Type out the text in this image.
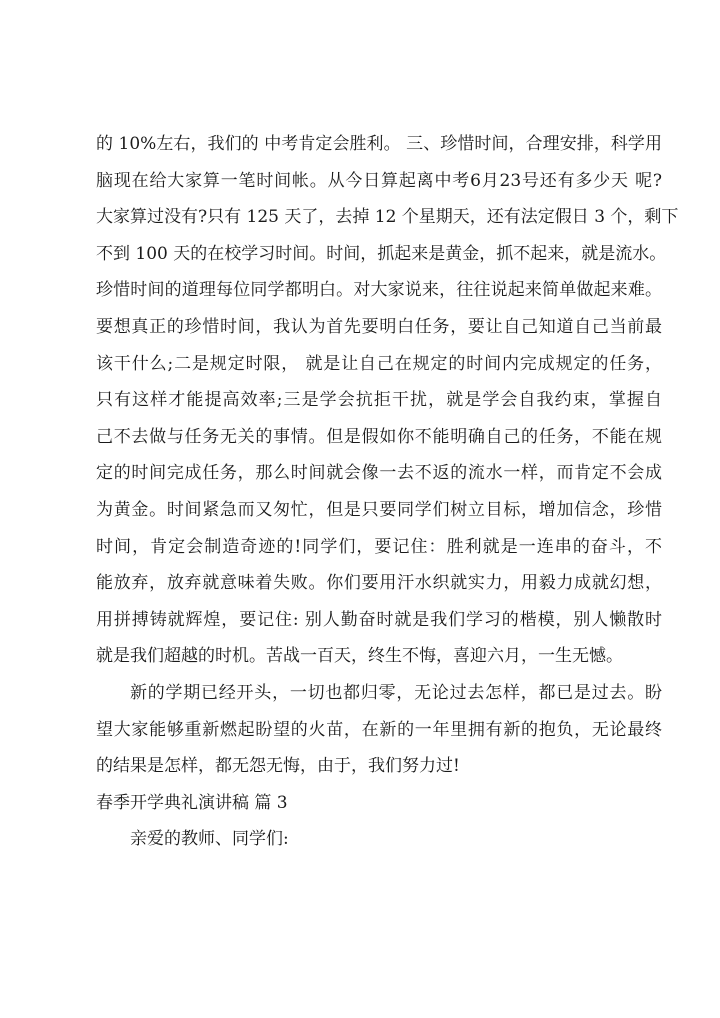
的 10%左右，我们的 中考肯定会胜利。 三、珍惜时间，合理安排，科学用
脑现在给大家算一笔时间帐。从今日算起离中考6月23号还有多少天 呢?
大家算过没有?只有 125 天了，去掉 12 个星期天，还有法定假日 3 个，剩下
不到 100 天的在校学习时间。时间，抓起来是黄金，抓不起来，就是流水。
珍惜时间的道理每位同学都明白。对大家说来，往往说起来简单做起来难。
要想真正的珍惜时间，我认为首先要明白任务，要让自己知道自己当前最
该干什么;二是规定时限， 就是让自己在规定的时间内完成规定的任务，
只有这样才能提高效率;三是学会抗拒干扰，就是学会自我约束，掌握自
己不去做与任务无关的事情。但是假如你不能明确自己的任务，不能在规
定的时间完成任务，那么时间就会像一去不返的流水一样，而肯定不会成
为黄金。时间紧急而又匆忙，但是只要同学们树立目标，增加信念，珍惜
时间，肯定会制造奇迹的!同学们，要记住：胜利就是一连串的奋斗，不
能放弃，放弃就意味着失败。你们要用汗水织就实力，用毅力成就幻想，
用拼搏铸就辉煌，要记住: 别人勤奋时就是我们学习的楷模，别人懒散时
就是我们超越的时机。苦战一百天，终生不悔，喜迎六月，一生无憾。
新的学期已经开头，一切也都归零，无论过去怎样，都已是过去。盼
望大家能够重新燃起盼望的火苗，在新的一年里拥有新的抱负，无论最终
的结果是怎样，都无怨无悔，由于，我们努力过!
春季开学典礼演讲稿 篇 3
亲爱的教师、同学们:
